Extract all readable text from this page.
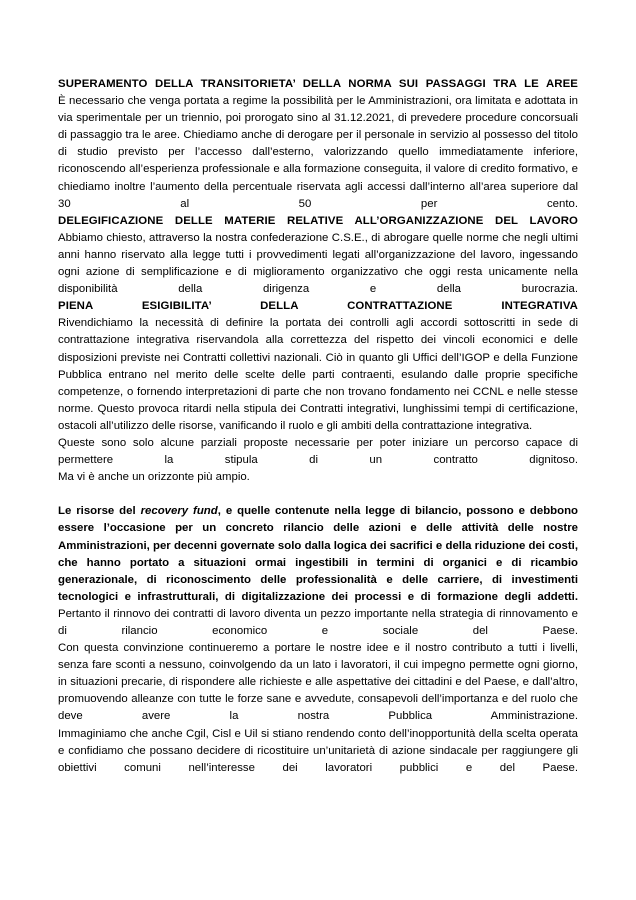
SUPERAMENTO DELLA TRANSITORIETA’ DELLA NORMA SUI PASSAGGI TRA LE AREE

È necessario che venga portata a regime la possibilità per le Amministrazioni, ora limitata e adottata in via sperimentale per un triennio, poi prorogato sino al 31.12.2021, di prevedere procedure concorsuali di passaggio tra le aree. Chiediamo anche di derogare per il personale in servizio al possesso del titolo di studio previsto per l’accesso dall’esterno, valorizzando quello immediatamente inferiore, riconoscendo all’esperienza professionale e alla formazione conseguita, il valore di credito formativo, e chiediamo inoltre l’aumento della percentuale riservata agli accessi dall’interno all’area superiore dal 30 al 50 per cento.

DELEGIFICAZIONE DELLE MATERIE RELATIVE ALL’ORGANIZZAZIONE DEL LAVORO

Abbiamo chiesto, attraverso la nostra confederazione C.S.E., di abrogare quelle norme che negli ultimi anni hanno riservato alla legge tutti i provvedimenti legati all’organizzazione del lavoro, ingessando ogni azione di semplificazione e di miglioramento organizzativo che oggi resta unicamente nella disponibilità della dirigenza e della burocrazia.

PIENA ESIGIBILITA’ DELLA CONTRATTAZIONE INTEGRATIVA

Rivendichiamo la necessità di definire la portata dei controlli agli accordi sottoscritti in sede di contrattazione integrativa riservandola alla correttezza del rispetto dei vincoli economici e delle disposizioni previste nei Contratti collettivi nazionali. Ciò in quanto gli Uffici dell’IGOP e della Funzione Pubblica entrano nel merito delle scelte delle parti contraenti, esulando dalle proprie specifiche competenze, o fornendo interpretazioni di parte che non trovano fondamento nei CCNL e nelle stesse norme. Questo provoca ritardi nella stipula dei Contratti integrativi, lunghissimi tempi di certificazione, ostacoli all’utilizzo delle risorse, vanificando il ruolo e gli ambiti della contrattazione integrativa.

Queste sono solo alcune parziali proposte necessarie per poter iniziare un percorso capace di permettere la stipula di un contratto dignitoso.

Ma vi è anche un orizzonte più ampio.

Le risorse del recovery fund, e quelle contenute nella legge di bilancio, possono e debbono essere l’occasione per un concreto rilancio delle azioni e delle attività delle nostre Amministrazioni, per decenni governate solo dalla logica dei sacrifici e della riduzione dei costi, che hanno portato a situazioni ormai ingestibili in termini di organici e di ricambio generazionale, di riconoscimento delle professionalità e delle carriere, di investimenti tecnologici e infrastrutturali, di digitalizzazione dei processi e di formazione degli addetti.

Pertanto il rinnovo dei contratti di lavoro diventa un pezzo importante nella strategia di rinnovamento e di rilancio economico e sociale del Paese.

Con questa convinzione continueremo a portare le nostre idee e il nostro contributo a tutti i livelli, senza fare sconti a nessuno, coinvolgendo da un lato i lavoratori, il cui impegno permette ogni giorno, in situazioni precarie, di rispondere alle richieste e alle aspettative dei cittadini e del Paese, e dall’altro, promuovendo alleanze con tutte le forze sane e avvedute, consapevoli dell’importanza e del ruolo che deve avere la nostra Pubblica Amministrazione.

Immaginiamo che anche Cgil, Cisl e Uil si stiano rendendo conto dell’inopportunità della scelta operata e confidiamo che possano decidere di ricostituire un’unitarietà di azione sindacale per raggiungere gli obiettivi comuni nell’interesse dei lavoratori pubblici e del Paese.
